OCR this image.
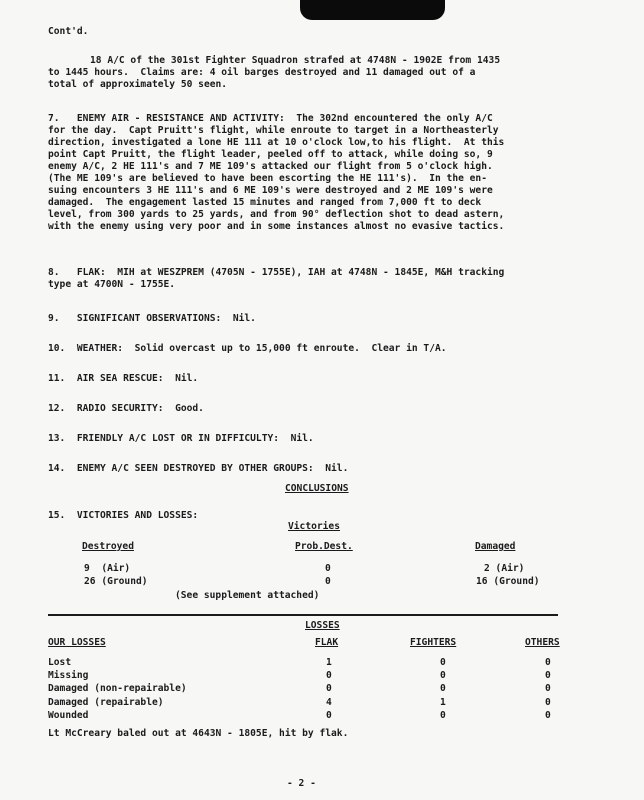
Cont'd.
18 A/C of the 301st Fighter Squadron strafed at 4748N - 1902E from 1435
to 1445 hours.  Claims are: 4 oil barges destroyed and 11 damaged out of a
total of approximately 50 seen.
7.   ENEMY AIR - RESISTANCE AND ACTIVITY:  The 302nd encountered the only A/C
for the day.  Capt Pruitt's flight, while enroute to target in a Northeasterly
direction, investigated a lone HE 111 at 10 o'clock low,to his flight.  At this
point Capt Pruitt, the flight leader, peeled off to attack, while doing so, 9
enemy A/C, 2 HE 111's and 7 ME 109's attacked our flight from 5 o'clock high.
(The ME 109's are believed to have been escorting the HE 111's).  In the en-
suing encounters 3 HE 111's and 6 ME 109's were destroyed and 2 ME 109's were
damaged.  The engagement lasted 15 minutes and ranged from 7,000 ft to deck
level, from 300 yards to 25 yards, and from 90° deflection shot to dead astern,
with the enemy using very poor and in some instances almost no evasive tactics.
8.   FLAK:  MIH at WESZPREM (4705N - 1755E), IAH at 4748N - 1845E, M&H tracking
type at 4700N - 1755E.
9.   SIGNIFICANT OBSERVATIONS:  Nil.
10.  WEATHER:  Solid overcast up to 15,000 ft enroute.  Clear in T/A.
11.  AIR SEA RESCUE:  Nil.
12.  RADIO SECURITY:  Good.
13.  FRIENDLY A/C LOST OR IN DIFFICULTY:  Nil.
14.  ENEMY A/C SEEN DESTROYED BY OTHER GROUPS:  Nil.
CONCLUSIONS
15.  VICTORIES AND LOSSES:
Victories
Destroyed	Prob.Dest.	Damaged
9  (Air)	0	2 (Air)
26 (Ground)	0	16 (Ground)
(See supplement attached)
LOSSES
OUR LOSSES	FLAK	FIGHTERS	OTHERS
Lost	1	0	0
Missing	0	0	0
Damaged (non-repairable)	0	0	0
Damaged (repairable)	4	1	0
Wounded	0	0	0
Lt McCreary baled out at 4643N - 1805E, hit by flak.
- 2 -
